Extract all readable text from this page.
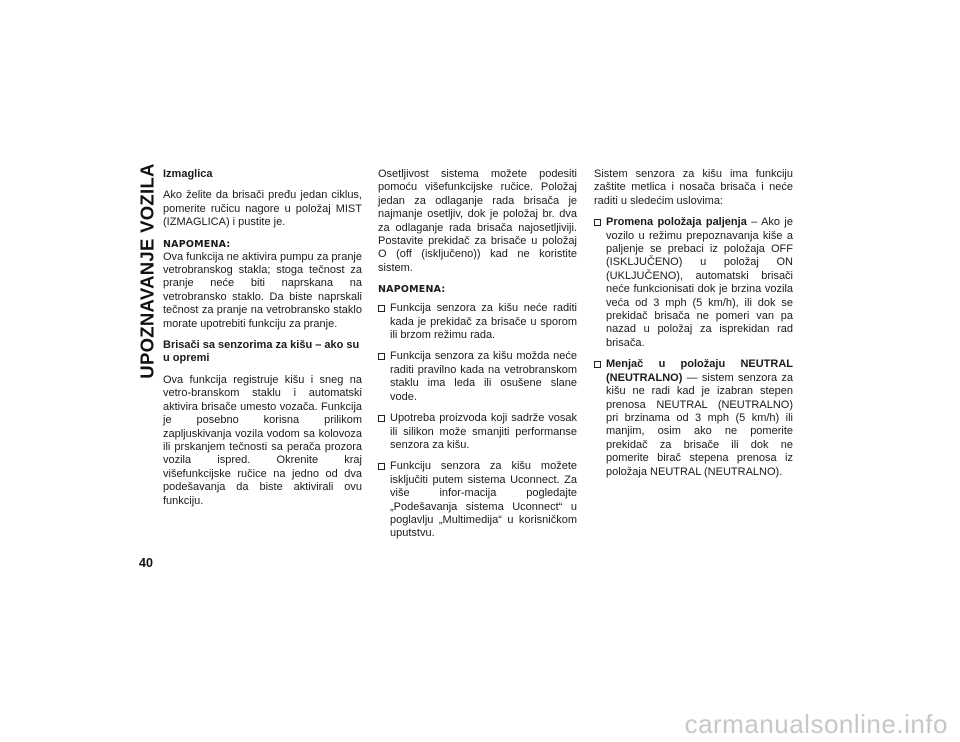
UPOZNAVANJE VOZILA
40
Izmaglica

Ako želite da brisači pređu jedan ciklus, pomerite ručicu nagore u položaj MIST (IZMAGLICA) i pustite je.

NAPOMENA:

Ova funkcija ne aktivira pumpu za pranje vetrobranskog stakla; stoga tečnost za pranje neće biti naprskana na vetrobransko staklo. Da biste naprskali tečnost za pranje na vetrobransko staklo morate upotrebiti funkciju za pranje.

Brisači sa senzorima za kišu – ako su u opremi

Ova funkcija registruje kišu i sneg na vetro-branskom staklu i automatski aktivira brisače umesto vozača. Funkcija je posebno korisna prilikom zapljuskivanja vozila vodom sa kolovoza ili prskanjem tečnosti sa perača prozora vozila ispred. Okrenite kraj višefunkcijske ručice na jedno od dva podešavanja da biste aktivirali ovu funkciju.

Osetljivost sistema možete podesiti pomoću višefunkcijske ručice. Položaj jedan za odlaganje rada brisača je najmanje osetljiv, dok je položaj br. dva za odlaganje rada brisača najosetljiviji. Postavite prekidač za brisače u položaj O (off (isključeno)) kad ne koristite sistem.

NAPOMENA:
Funkcija senzora za kišu neće raditi kada je prekidač za brisače u sporom ili brzom režimu rada.
Funkcija senzora za kišu možda neće raditi pravilno kada na vetrobranskom staklu ima leda ili osušene slane vode.
Upotreba proizvoda koji sadrže vosak ili silikon može smanjiti performanse senzora za kišu.
Funkciju senzora za kišu možete isključiti putem sistema Uconnect. Za više infor-macija pogledajte „Podešavanja sistema Uconnect“ u poglavlju „Multimedija“ u korisničkom uputstvu.

Sistem senzora za kišu ima funkciju zaštite metlica i nosača brisača i neće raditi u sledećim uslovima:

Promena položaja paljenja – Ako je vozilo u režimu prepoznavanja kiše a paljenje se prebaci iz položaja OFF (ISKLJUČENO) u položaj ON (UKLJUČENO), automatski brisači neće funkcionisati dok je brzina vozila veća od 3 mph (5 km/h), ili dok se prekidač brisača ne pomeri van pa nazad u položaj za isprekidan rad brisača.
Menjač u položaju NEUTRAL (NEUTRALNO) — sistem senzora za kišu ne radi kad je izabran stepen prenosa NEUTRAL (NEUTRALNO) pri brzinama od 3 mph (5 km/h) ili manjim, osim ako ne pomerite prekidač za brisače ili dok ne pomerite birač stepena prenosa iz položaja NEUTRAL (NEUTRALNO).
carmanualsonline.info
